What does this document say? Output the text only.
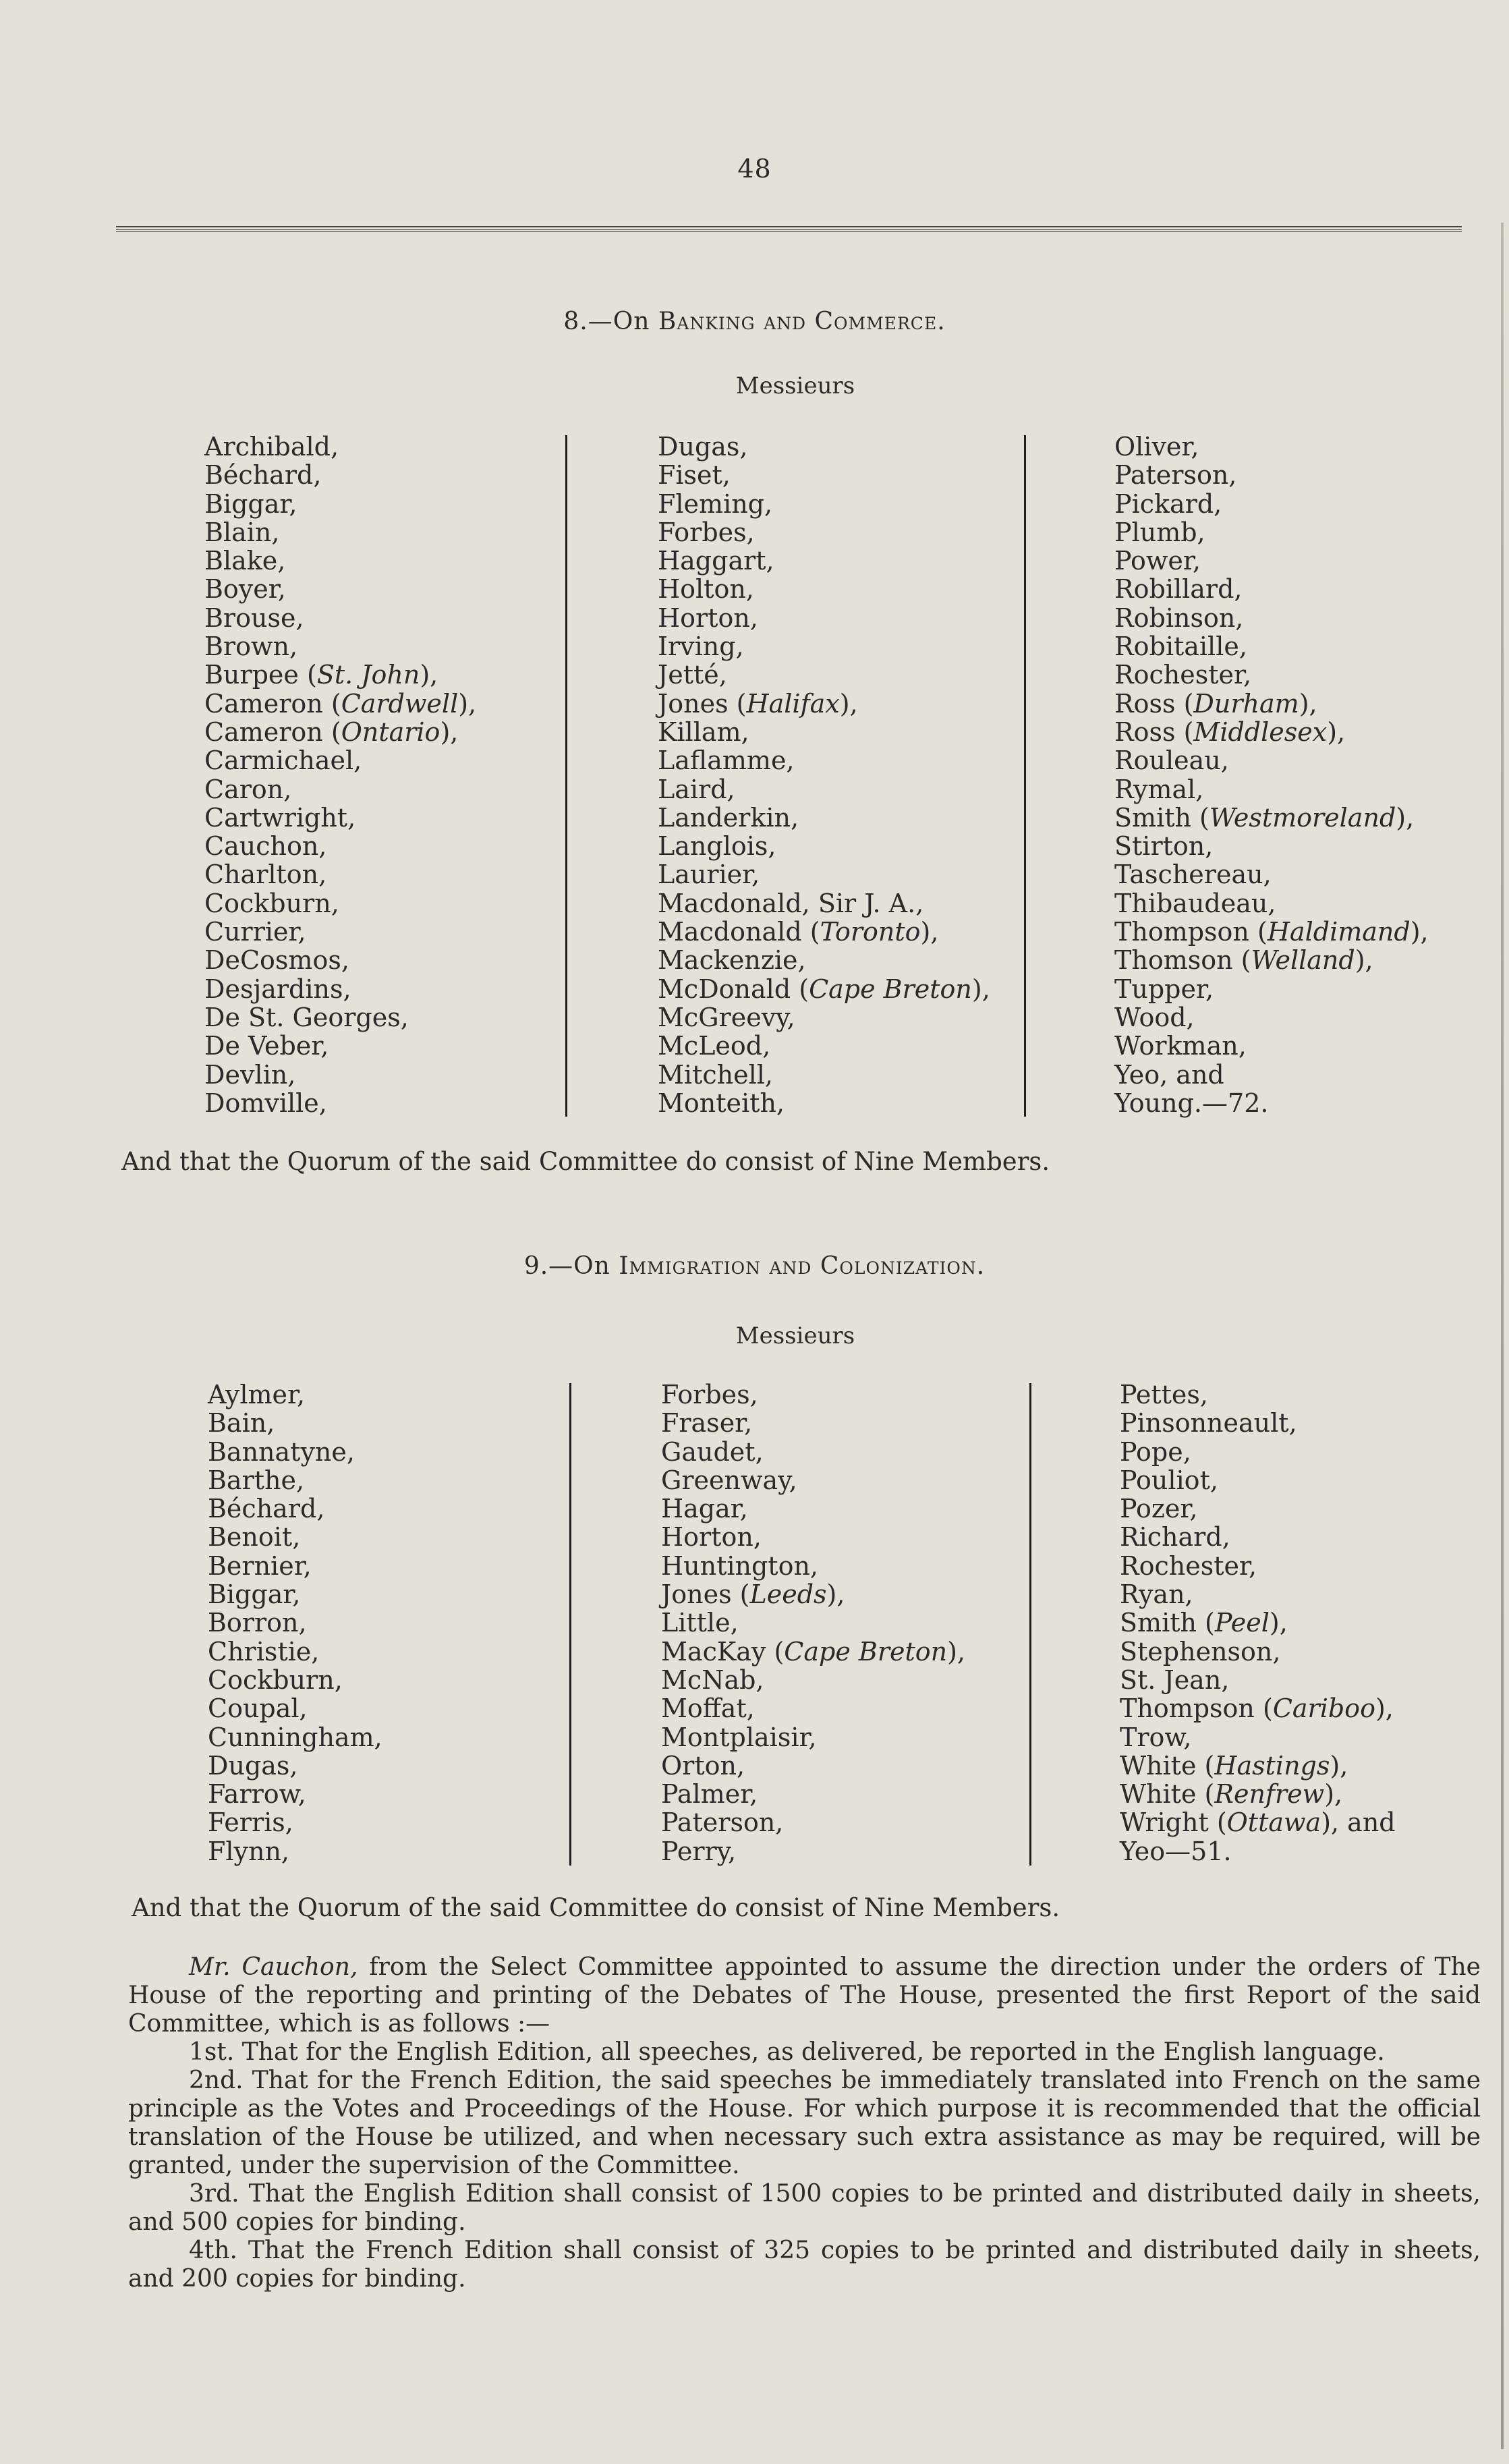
48
8.—On Banking and Commerce.
Messieurs
Archibald,
Béchard,
Biggar,
Blain,
Blake,
Boyer,
Brouse,
Brown,
Burpee (St. John),
Cameron (Cardwell),
Cameron (Ontario),
Carmichael,
Caron,
Cartwright,
Cauchon,
Charlton,
Cockburn,
Currier,
DeCosmos,
Desjardins,
De St. Georges,
De Veber,
Devlin,
Domville,
Dugas,
Fiset,
Fleming,
Forbes,
Haggart,
Holton,
Horton,
Irving,
Jetté,
Jones (Halifax),
Killam,
Laflamme,
Laird,
Landerkin,
Langlois,
Laurier,
Macdonald, Sir J. A.,
Macdonald (Toronto),
Mackenzie,
McDonald (Cape Breton),
McGreevy,
McLeod,
Mitchell,
Monteith,
Oliver,
Paterson,
Pickard,
Plumb,
Power,
Robillard,
Robinson,
Robitaille,
Rochester,
Ross (Durham),
Ross (Middlesex),
Rouleau,
Rymal,
Smith (Westmoreland),
Stirton,
Taschereau,
Thibaudeau,
Thompson (Haldimand),
Thomson (Welland),
Tupper,
Wood,
Workman,
Yeo, and
Young.—72.
And that the Quorum of the said Committee do consist of Nine Members.
9.—On Immigration and Colonization.
Messieurs
Aylmer,
Bain,
Bannatyne,
Barthe,
Béchard,
Benoit,
Bernier,
Biggar,
Borron,
Christie,
Cockburn,
Coupal,
Cunningham,
Dugas,
Farrow,
Ferris,
Flynn,
Forbes,
Fraser,
Gaudet,
Greenway,
Hagar,
Horton,
Huntington,
Jones (Leeds),
Little,
MacKay (Cape Breton),
McNab,
Moffat,
Montplaisir,
Orton,
Palmer,
Paterson,
Perry,
Pettes,
Pinsonneault,
Pope,
Pouliot,
Pozer,
Richard,
Rochester,
Ryan,
Smith (Peel),
Stephenson,
St. Jean,
Thompson (Cariboo),
Trow,
White (Hastings),
White (Renfrew),
Wright (Ottawa), and
Yeo—51.
And that the Quorum of the said Committee do consist of Nine Members.

Mr. Cauchon, from the Select Committee appointed to assume the direction under the orders of The House of the reporting and printing of the Debates of The House, presented the first Report of the said Committee, which is as follows :—

1st. That for the English Edition, all speeches, as delivered, be reported in the English language.

2nd. That for the French Edition, the said speeches be immediately translated into French on the same principle as the Votes and Proceedings of the House. For which purpose it is recommended that the official translation of the House be utilized, and when necessary such extra assistance as may be required, will be granted, under the supervision of the Committee.

3rd. That the English Edition shall consist of 1500 copies to be printed and distributed daily in sheets, and 500 copies for binding.

4th. That the French Edition shall consist of 325 copies to be printed and distributed daily in sheets, and 200 copies for binding.
